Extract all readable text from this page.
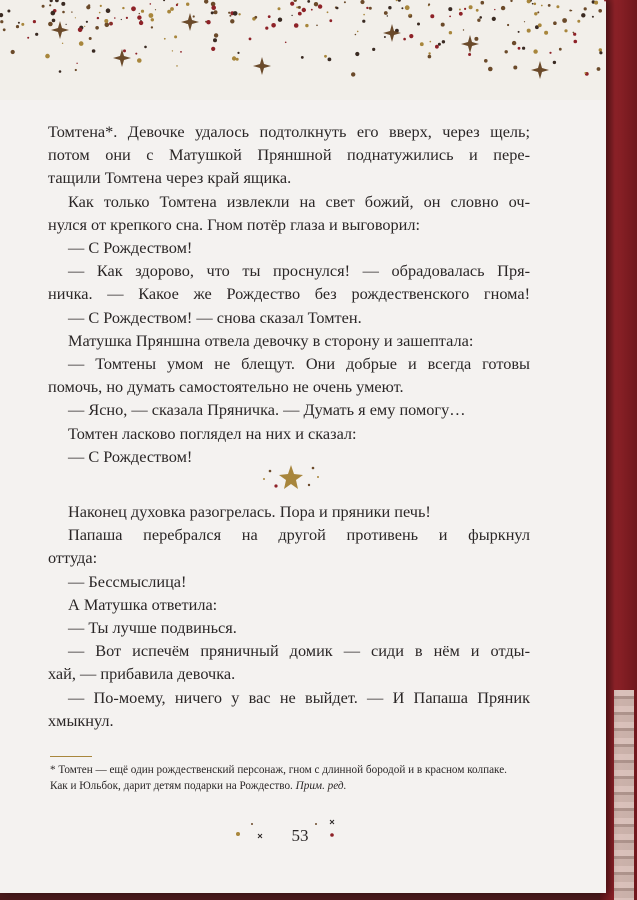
Томтена*. Девочке удалось подтолкнуть его вверх, через щель;
потом они с Матушкой Пряншной поднатужились и пере-
тащили Томтена через край ящика.
Как только Томтена извлекли на свет божий, он словно оч-
нулся от крепкого сна. Гном потёр глаза и выговорил:
— С Рождеством!
— Как здорово, что ты проснулся! — обрадовалась Пря-
ничка. — Какое же Рождество без рождественского гнома!
— С Рождеством! — снова сказал Томтен.
Матушка Пряншна отвела девочку в сторону и зашептала:
— Томтены умом не блещут. Они добрые и всегда готовы
помочь, но думать самостоятельно не очень умеют.
— Ясно, — сказала Пряничка. — Думать я ему помогу…
Томтен ласково поглядел на них и сказал:
— С Рождеством!
Наконец духовка разогрелась. Пора и пряники печь!
Папаша перебрался на другой противень и фыркнул
оттуда:
— Бессмыслица!
А Матушка ответила:
— Ты лучше подвинься.
— Вот испечём пряничный домик — сиди в нём и отды-
хай, — прибавила девочка.
— По-моему, ничего у вас не выйдет. — И Папаша Пряник
хмыкнул.
* Томтен — ещё один рождественский персонаж, гном с длинной бородой и в красном колпаке.
Как и Юльбок, дарит детям подарки на Рождество. Прим. ред.
53
